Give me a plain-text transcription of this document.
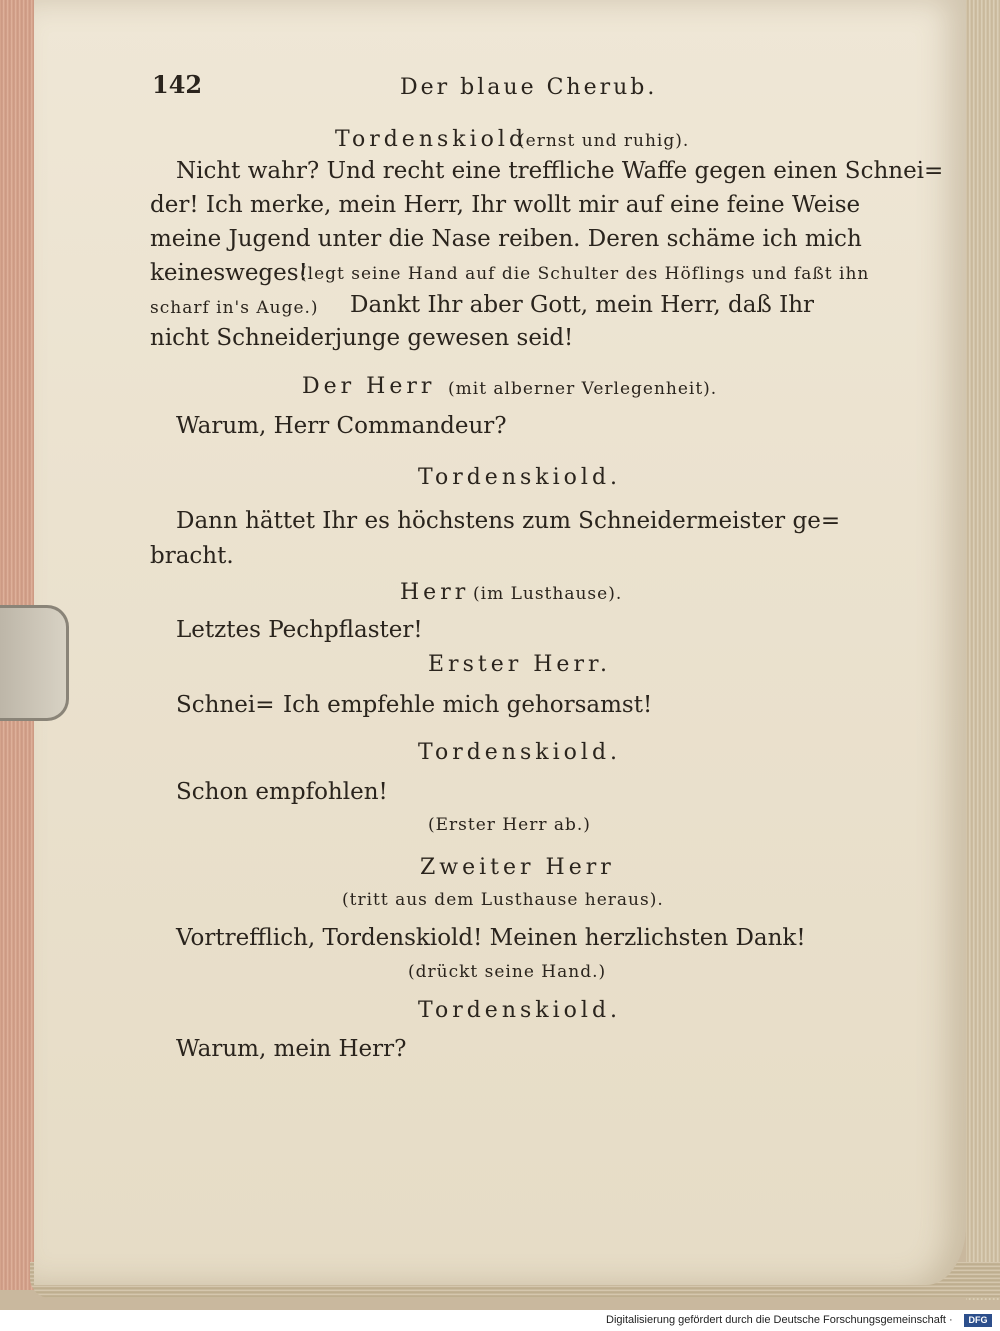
142	Der blaue Cherub.
Tordenskiold
(ernst und ruhig).
Nicht wahr? Und recht eine treffliche Waffe gegen einen Schnei=
der! Ich merke, mein Herr, Ihr wollt mir auf eine feine Weise
meine Jugend unter die Nase reiben. Deren schäme ich mich
keinesweges!
(legt seine Hand auf die Schulter des Höflings und faßt ihn
scharf in's Auge.) Dankt Ihr aber Gott, mein Herr, daß Ihr
nicht Schneiderjunge gewesen seid!
Der Herr (mit alberner Verlegenheit).
Warum, Herr Commandeur?
Tordenskiold.
Dann hättet Ihr es höchstens zum Schneidermeister ge=
bracht.
Herr (im Lusthause).
Letztes Pechpflaster!
Erster Herr.
Schnei= Ich empfehle mich gehorsamst!
Tordenskiold.
Schon empfohlen!
(Erster Herr ab.)
Zweiter Herr
(tritt aus dem Lusthause heraus).
Vortrefflich, Tordenskiold! Meinen herzlichsten Dank!
(drückt seine Hand.)
Tordenskiold.
Warum, mein Herr?
Digitalisierung gefördert durch die Deutsche Forschungsgemeinschaft ·	DFG
